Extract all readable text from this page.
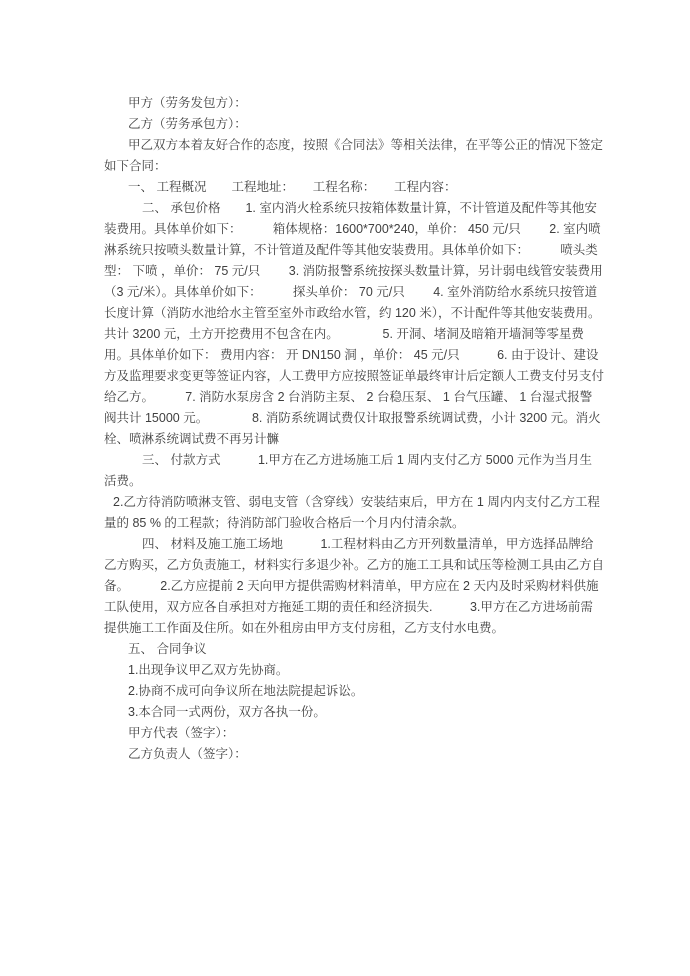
甲方（劳务发包方）：

乙方（劳务承包方）：

甲乙双方本着友好合作的态度，按照《合同法》等相关法律，在平等公正的情况下签定如下合同：

一、 工程概况　　工程地址：　　工程名称：　　工程内容：

二、 承包价格　　1. 室内消火栓系统只按箱体数量计算，不计管道及配件等其他安装费用。具体单价如下：　　　箱体规格：1600*700*240，单价： 450 元/只　　 2. 室内喷淋系统只按喷头数量计算，不计管道及配件等其他安装费用。具体单价如下：　　　喷头类型： 下喷 ，单价： 75 元/只　　 3. 消防报警系统按探头数量计算，另计弱电线管安装费用（3 元/米）。具体单价如下：　　　探头单价： 70 元/只　　 4. 室外消防给水系统只按管道长度计算（消防水池给水主管至室外市政给水管，约 120 米），不计配件等其他安装费用。共计 3200 元，土方开挖费用不包含在内。　　　　5. 开洞、堵洞及暗箱开墙洞等零星费用。具体单价如下： 费用内容： 开 DN150 洞 ，单价： 45 元/只　　　6. 由于设计、建设方及监理要求变更等签证内容，人工费甲方应按照签证单最终审计后定额人工费支付另支付给乙方。　　　7. 消防水泵房含 2 台消防主泵、 2 台稳压泵、 1 台气压罐、 1 台湿式报警阀共计 15000 元。　　　　8. 消防系统调试费仅计取报警系统调试费，小计 3200 元。消火栓、喷淋系统调试费不再另计髍

三、 付款方式　　　1.甲方在乙方进场施工后 1 周内支付乙方 5000 元作为当月生活费。

2.乙方待消防喷淋支管、弱电支管（含穿线）安装结束后，甲方在 1 周内内支付乙方工程量的 85 % 的工程款；待消防部门验收合格后一个月内付清余款。

四、 材料及施工施工场地　　　1.工程材料由乙方开列数量清单，甲方选择品牌给乙方购买，乙方负责施工，材料实行多退少补。乙方的施工工具和试压等检测工具由乙方自备。　　　2.乙方应提前 2 天向甲方提供需购材料清单，甲方应在 2 天内及时采购材料供施工队使用，双方应各自承担对方拖延工期的责任和经济损失.　　　3.甲方在乙方进场前需提供施工工作面及住所。如在外租房由甲方支付房租，乙方支付水电费。

五、 合同争议

1.出现争议甲乙双方先协商。

2.协商不成可向争议所在地法院提起诉讼。

3.本合同一式两份，双方各执一份。

甲方代表（签字）：

乙方负责人（签字）：
